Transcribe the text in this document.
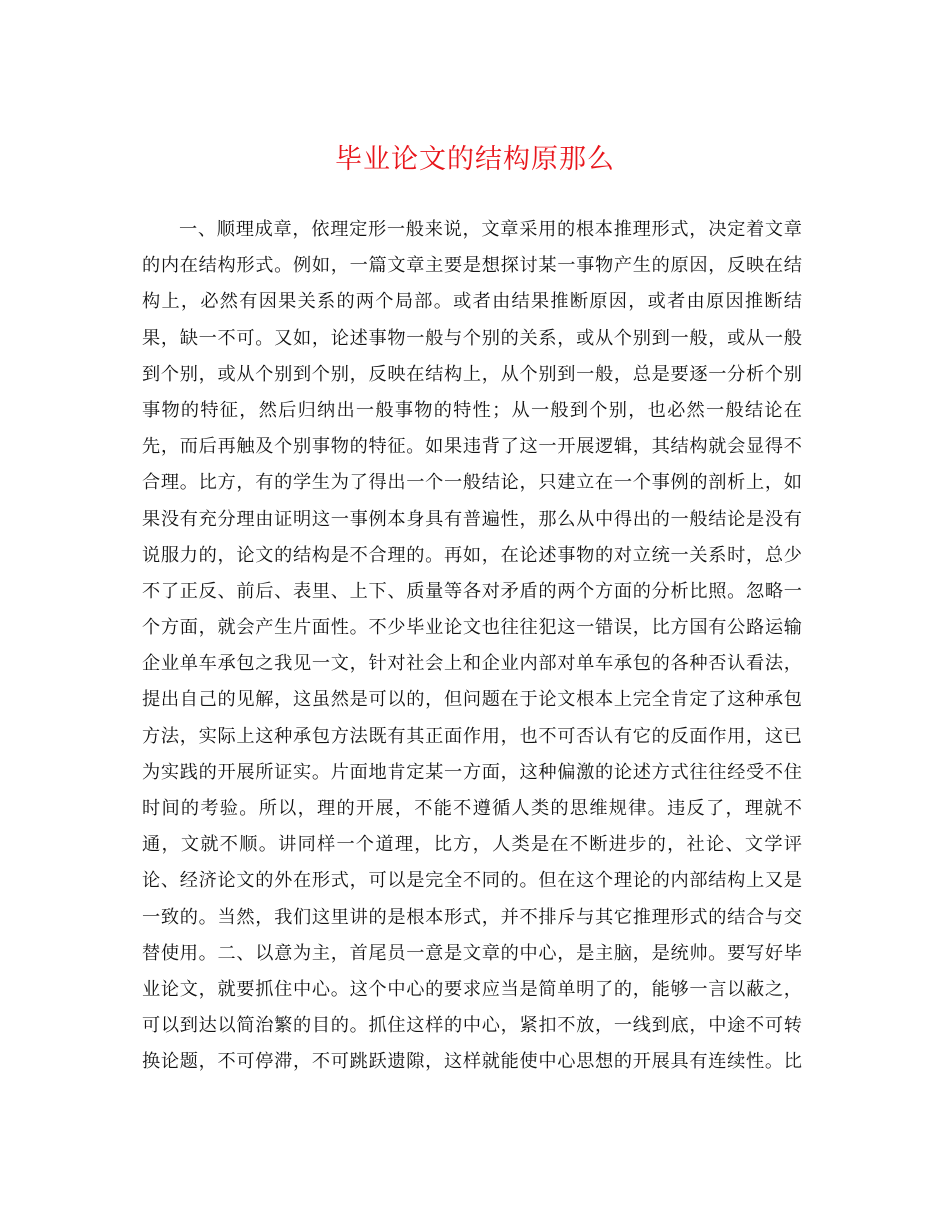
毕业论文的结构原那么
一、顺理成章，依理定形一般来说，文章采用的根本推理形式，决定着文章
的内在结构形式。例如，一篇文章主要是想探讨某一事物产生的原因，反映在结
构上，必然有因果关系的两个局部。或者由结果推断原因，或者由原因推断结
果，缺一不可。又如，论述事物一般与个别的关系，或从个别到一般，或从一般
到个别，或从个别到个别，反映在结构上，从个别到一般，总是要逐一分析个别
事物的特征，然后归纳出一般事物的特性；从一般到个别，也必然一般结论在
先，而后再触及个别事物的特征。如果违背了这一开展逻辑，其结构就会显得不
合理。比方，有的学生为了得出一个一般结论，只建立在一个事例的剖析上，如
果没有充分理由证明这一事例本身具有普遍性，那么从中得出的一般结论是没有
说服力的，论文的结构是不合理的。再如，在论述事物的对立统一关系时，总少
不了正反、前后、表里、上下、质量等各对矛盾的两个方面的分析比照。忽略一
个方面，就会产生片面性。不少毕业论文也往往犯这一错误，比方国有公路运输
企业单车承包之我见一文，针对社会上和企业内部对单车承包的各种否认看法，
提出自己的见解，这虽然是可以的，但问题在于论文根本上完全肯定了这种承包
方法，实际上这种承包方法既有其正面作用，也不可否认有它的反面作用，这已
为实践的开展所证实。片面地肯定某一方面，这种偏激的论述方式往往经受不住
时间的考验。所以，理的开展，不能不遵循人类的思维规律。违反了，理就不
通，文就不顺。讲同样一个道理，比方，人类是在不断进步的，社论、文学评
论、经济论文的外在形式，可以是完全不同的。但在这个理论的内部结构上又是
一致的。当然，我们这里讲的是根本形式，并不排斥与其它推理形式的结合与交
替使用。二、以意为主，首尾员一意是文章的中心，是主脑，是统帅。要写好毕
业论文，就要抓住中心。这个中心的要求应当是简单明了的，能够一言以蔽之，
可以到达以简治繁的目的。抓住这样的中心，紧扣不放，一线到底，中途不可转
换论题，不可停滞，不可跳跃遗隙，这样就能使中心思想的开展具有连续性。比
